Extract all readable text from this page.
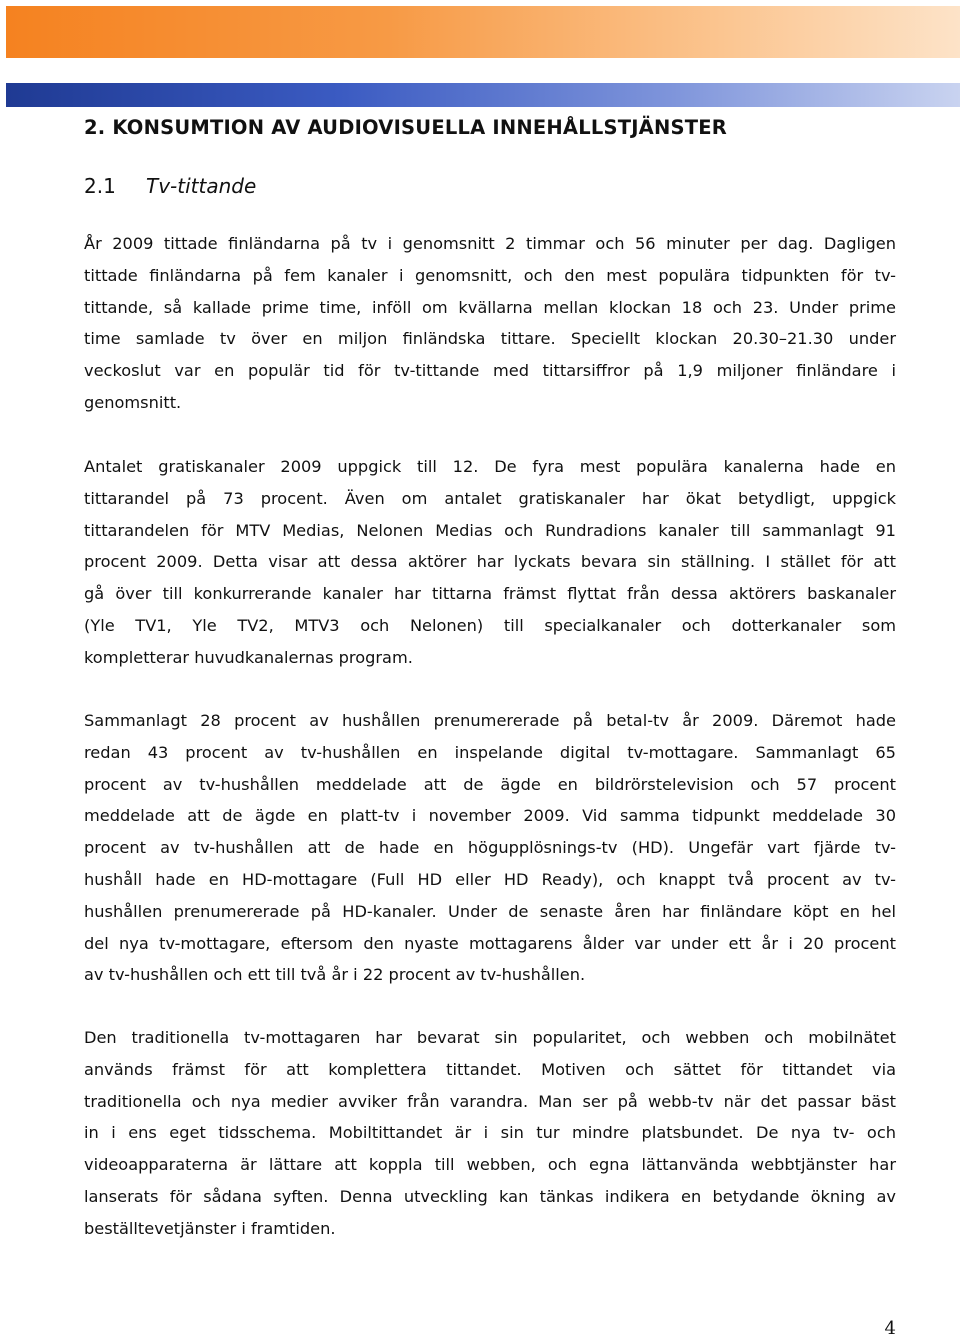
2. KONSUMTION AV AUDIOVISUELLA INNEHÅLLSTJÄNSTER
2.1 Tv-tittande
År 2009 tittade finländarna på tv i genomsnitt 2 timmar och 56 minuter per dag. Dagligen
tittade finländarna på fem kanaler i genomsnitt, och den mest populära tidpunkten för tv-
tittande, så kallade prime time, inföll om kvällarna mellan klockan 18 och 23. Under prime
time samlade tv över en miljon finländska tittare. Speciellt klockan 20.30–21.30 under
veckoslut var en populär tid för tv-tittande med tittarsiffror på 1,9 miljoner finländare i
genomsnitt.
Antalet gratiskanaler 2009 uppgick till 12. De fyra mest populära kanalerna hade en
tittarandel på 73 procent. Även om antalet gratiskanaler har ökat betydligt, uppgick
tittarandelen för MTV Medias, Nelonen Medias och Rundradions kanaler till sammanlagt 91
procent 2009. Detta visar att dessa aktörer har lyckats bevara sin ställning. I stället för att
gå över till konkurrerande kanaler har tittarna främst flyttat från dessa aktörers baskanaler
(Yle TV1, Yle TV2, MTV3 och Nelonen) till specialkanaler och dotterkanaler som
kompletterar huvudkanalernas program.
Sammanlagt 28 procent av hushållen prenumererade på betal-tv år 2009. Däremot hade
redan 43 procent av tv-hushållen en inspelande digital tv-mottagare. Sammanlagt 65
procent av tv-hushållen meddelade att de ägde en bildrörstelevision och 57 procent
meddelade att de ägde en platt-tv i november 2009. Vid samma tidpunkt meddelade 30
procent av tv-hushållen att de hade en högupplösnings-tv (HD). Ungefär vart fjärde tv-
hushåll hade en HD-mottagare (Full HD eller HD Ready), och knappt två procent av tv-
hushållen prenumererade på HD-kanaler. Under de senaste åren har finländare köpt en hel
del nya tv-mottagare, eftersom den nyaste mottagarens ålder var under ett år i 20 procent
av tv-hushållen och ett till två år i 22 procent av tv-hushållen.
Den traditionella tv-mottagaren har bevarat sin popularitet, och webben och mobilnätet
används främst för att komplettera tittandet. Motiven och sättet för tittandet via
traditionella och nya medier avviker från varandra. Man ser på webb-tv när det passar bäst
in i ens eget tidsschema. Mobiltittandet är i sin tur mindre platsbundet. De nya tv- och
videoapparaterna är lättare att koppla till webben, och egna lättanvända webbtjänster har
lanserats för sådana syften. Denna utveckling kan tänkas indikera en betydande ökning av
beställtevetjänster i framtiden.
4
